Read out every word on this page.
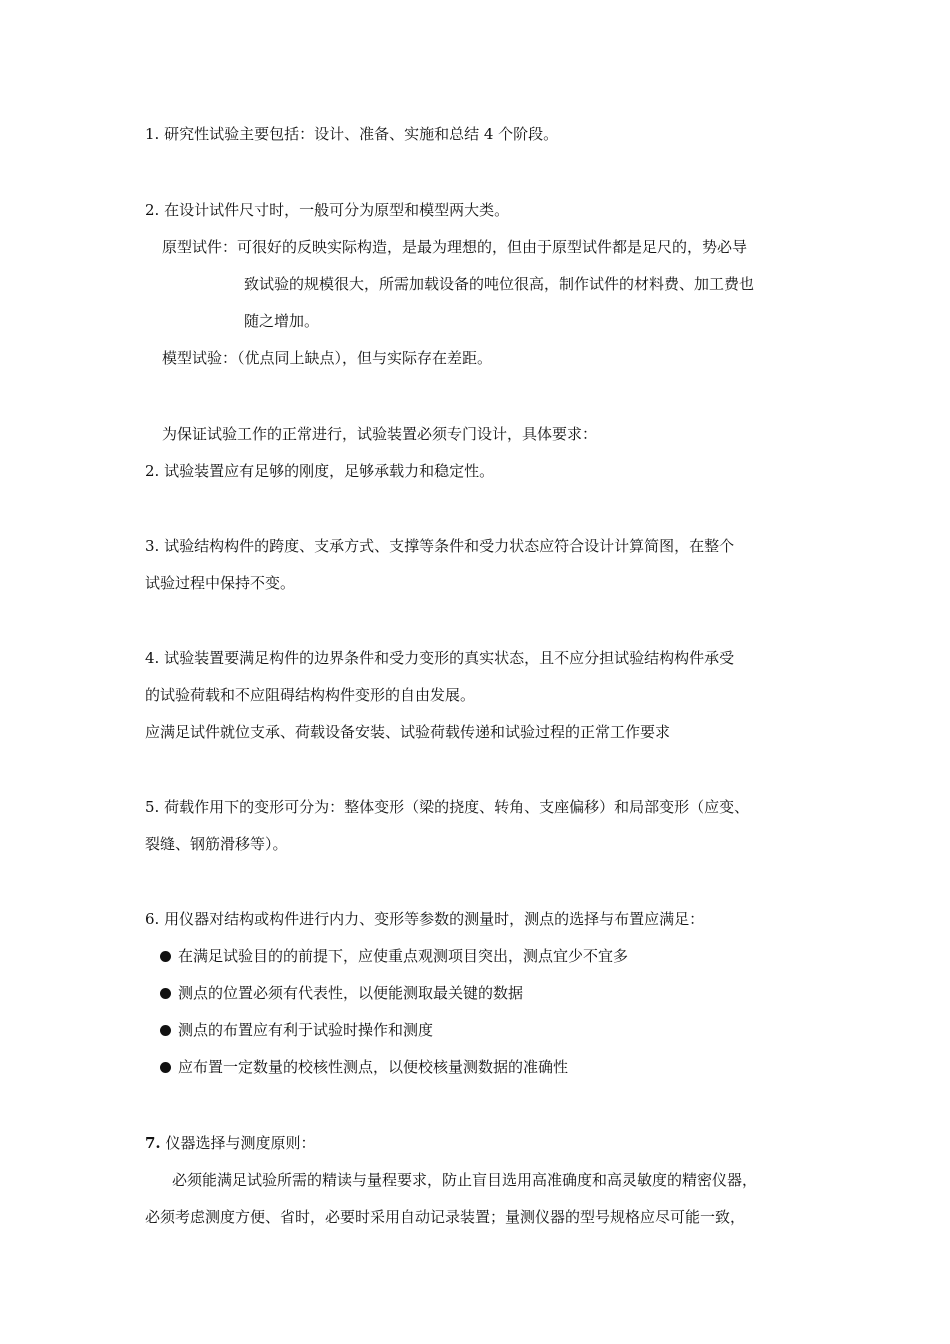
1. 研究性试验主要包括：设计、准备、实施和总结 4 个阶段。
2. 在设计试件尺寸时，一般可分为原型和模型两大类。
原型试件：可很好的反映实际构造，是最为理想的，但由于原型试件都是足尺的，势必导
致试验的规模很大，所需加载设备的吨位很高，制作试件的材料费、加工费也
随之增加。
模型试验：（优点同上缺点），但与实际存在差距。
为保证试验工作的正常进行，试验装置必须专门设计，具体要求：
2. 试验装置应有足够的刚度，足够承载力和稳定性。
3. 试验结构构件的跨度、支承方式、支撑等条件和受力状态应符合设计计算简图，在整个
试验过程中保持不变。
4. 试验装置要满足构件的边界条件和受力变形的真实状态，且不应分担试验结构构件承受
的试验荷载和不应阻碍结构构件变形的自由发展。
应满足试件就位支承、荷载设备安装、试验荷载传递和试验过程的正常工作要求
5. 荷载作用下的变形可分为：整体变形（梁的挠度、转角、支座偏移）和局部变形（应变、
裂缝、钢筋滑移等）。
6. 用仪器对结构或构件进行内力、变形等参数的测量时，测点的选择与布置应满足：
在满足试验目的的前提下，应使重点观测项目突出，测点宜少不宜多
测点的位置必须有代表性，以便能测取最关键的数据
测点的布置应有利于试验时操作和测度
应布置一定数量的校核性测点，以便校核量测数据的准确性
7. 仪器选择与测度原则：
必须能满足试验所需的精读与量程要求，防止盲目选用高准确度和高灵敏度的精密仪器，
必须考虑测度方便、省时，必要时采用自动记录装置；量测仪器的型号规格应尽可能一致，
